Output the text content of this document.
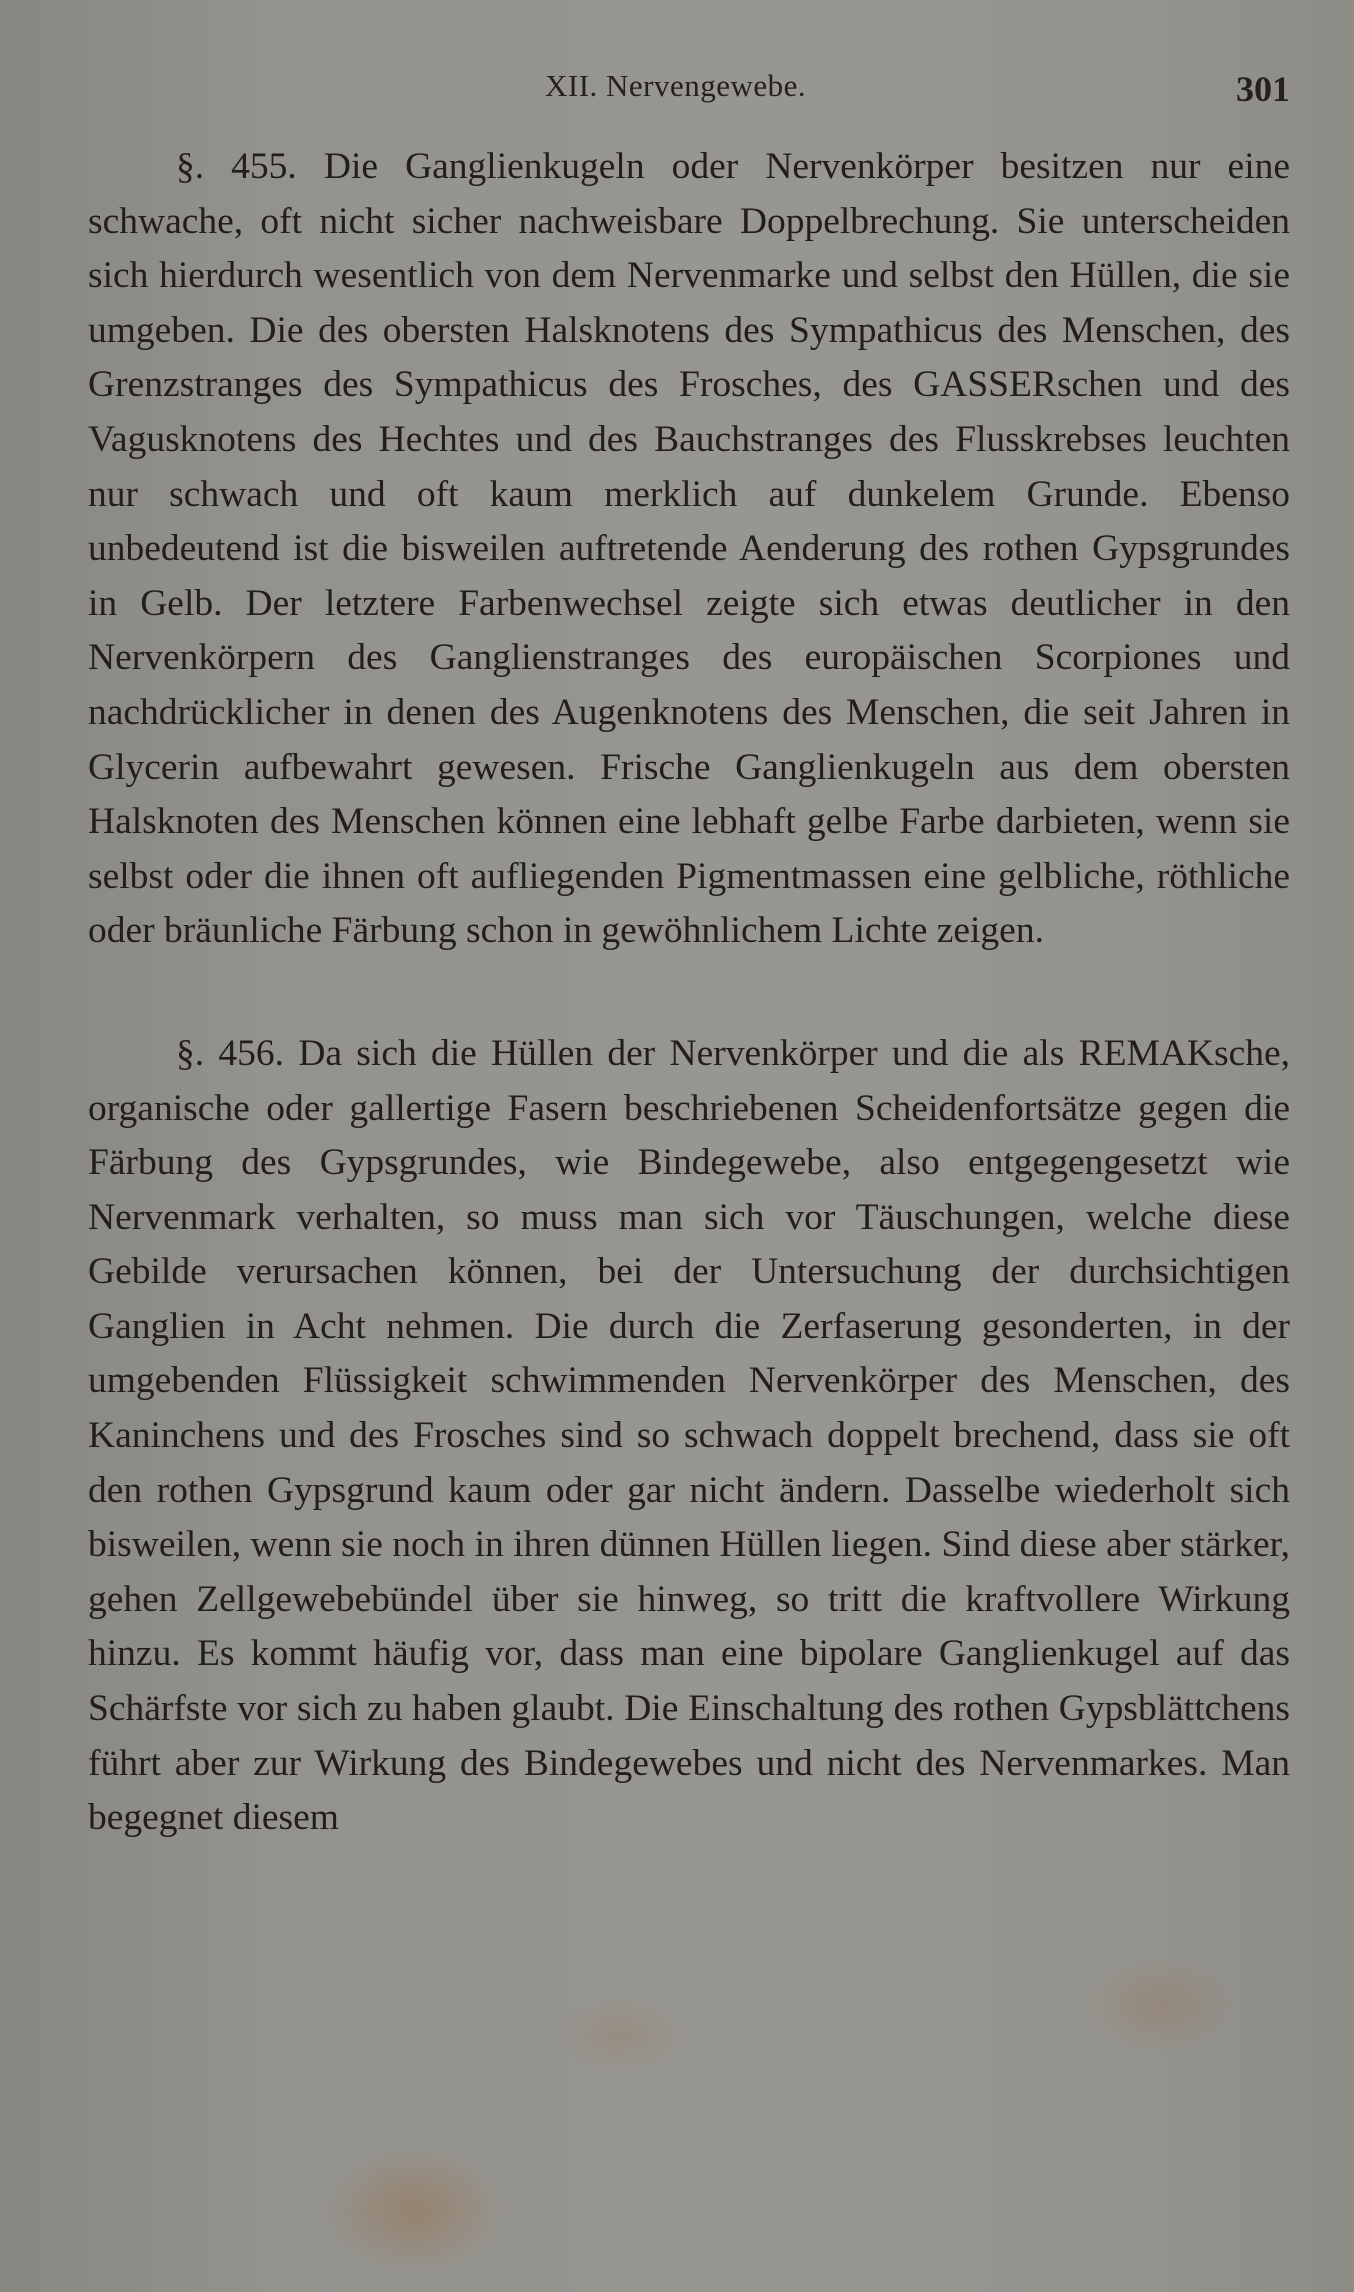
XII. Nervengewebe.	301

§. 455. Die Ganglienkugeln oder Nervenkörper besitzen nur eine schwache, oft nicht sicher nachweisbare Doppelbrechung. Sie unterscheiden sich hierdurch wesentlich von dem Nervenmarke und selbst den Hüllen, die sie umgeben. Die des obersten Halsknotens des Sympathicus des Menschen, des Grenzstranges des Sympathicus des Frosches, des GASSERschen und des Vagusknotens des Hechtes und des Bauchstranges des Flusskrebses leuchten nur schwach und oft kaum merklich auf dunkelem Grunde. Ebenso unbedeutend ist die bisweilen auftretende Aenderung des rothen Gypsgrundes in Gelb. Der letztere Farbenwechsel zeigte sich etwas deutlicher in den Nervenkörpern des Ganglienstranges des europäischen Scorpiones und nachdrücklicher in denen des Augenknotens des Menschen, die seit Jahren in Glycerin aufbewahrt gewesen. Frische Ganglienkugeln aus dem obersten Halsknoten des Menschen können eine lebhaft gelbe Farbe darbieten, wenn sie selbst oder die ihnen oft aufliegenden Pigmentmassen eine gelbliche, röthliche oder bräunliche Färbung schon in gewöhnlichem Lichte zeigen.

§. 456. Da sich die Hüllen der Nervenkörper und die als REMAKsche, organische oder gallertige Fasern beschriebenen Scheidenfortsätze gegen die Färbung des Gypsgrundes, wie Bindegewebe, also entgegengesetzt wie Nervenmark verhalten, so muss man sich vor Täuschungen, welche diese Gebilde verursachen können, bei der Untersuchung der durchsichtigen Ganglien in Acht nehmen. Die durch die Zerfaserung gesonderten, in der umgebenden Flüssigkeit schwimmenden Nervenkörper des Menschen, des Kaninchens und des Frosches sind so schwach doppelt brechend, dass sie oft den rothen Gypsgrund kaum oder gar nicht ändern. Dasselbe wiederholt sich bisweilen, wenn sie noch in ihren dünnen Hüllen liegen. Sind diese aber stärker, gehen Zellgewebebündel über sie hinweg, so tritt die kraftvollere Wirkung hinzu. Es kommt häufig vor, dass man eine bipolare Ganglienkugel auf das Schärfste vor sich zu haben glaubt. Die Einschaltung des rothen Gypsblättchens führt aber zur Wirkung des Bindegewebes und nicht des Nervenmarkes. Man begegnet diesem
